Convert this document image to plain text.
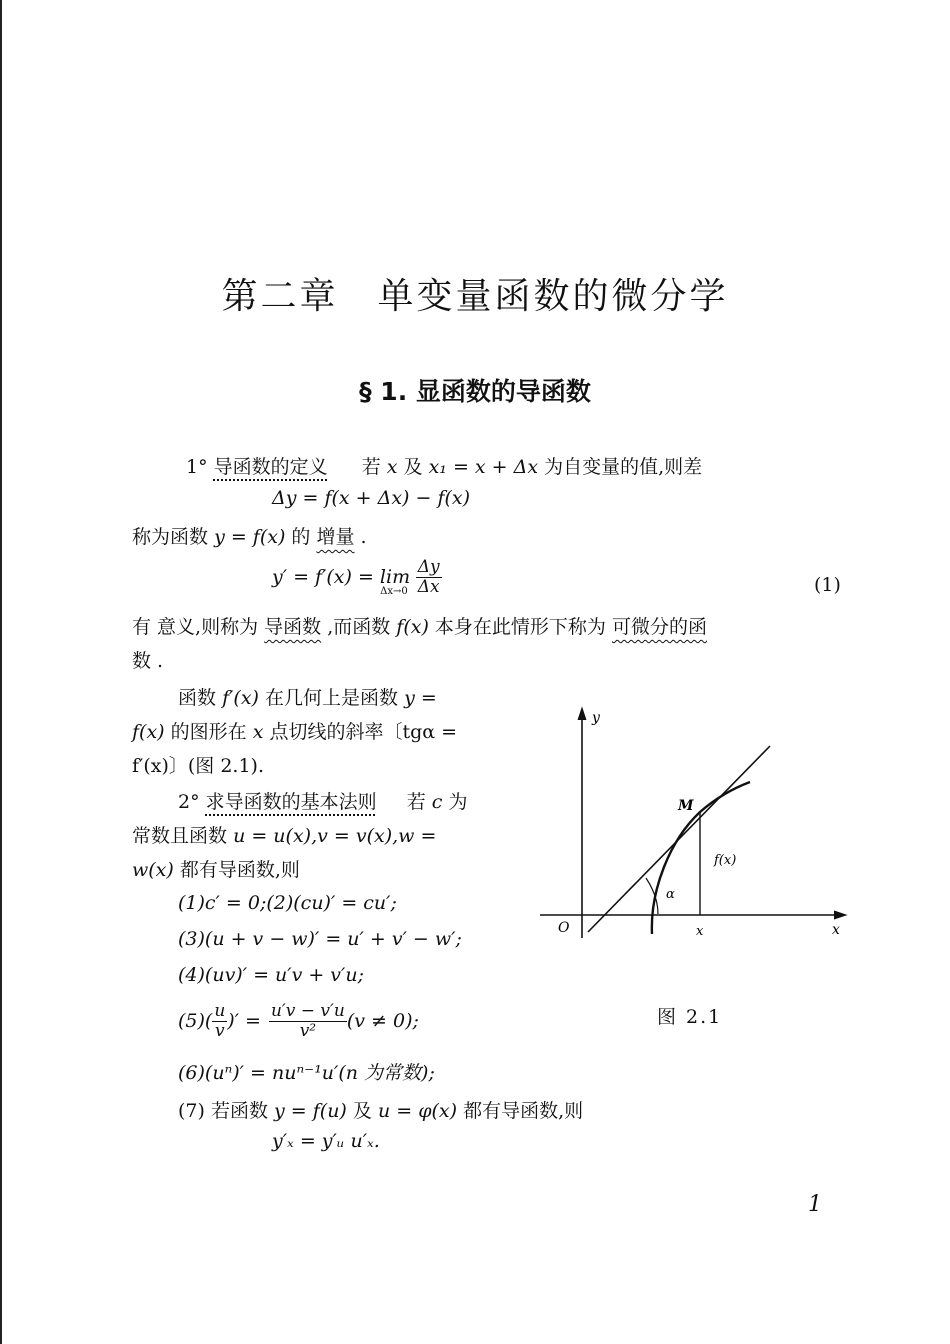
第二章　单变量函数的微分学
§ 1. 显函数的导函数
1° 导函数的定义 若 x 及 x₁ = x + Δx 为自变量的值,则差
Δy = f(x + Δx) − f(x)
称为函数 y = f(x) 的 增量 .
y′ = f′(x) = lim
$\Delta x\to 0 \frac{\Delta y}{\Delta x}$	(1)
有 意义,则称为 导函数 ,而函数 f(x) 本身在此情形下称为 可微分的函
数 .
函数 f′(x) 在几何上是函数 y =
f(x) 的图形在 x 点切线的斜率〔tgα =
f′(x)〕(图 2.1).
2° 求导函数的基本法则 若 c 为
常数且函数 u = u(x),v = v(x),w =
w(x) 都有导函数,则
(1)c′ = 0;(2)(cu)′ = cu′;
(3)(u + v − w)′ = u′ + v′ − w′;
(4)(uv)′ = u′v + v′u;
$(5)( \frac{u}{v}$ )′ = $\frac{u'v - v'u}{\text{v²}} (v \ne 0)$;
(6)(uⁿ)′ = nuⁿ⁻¹u′(n 为常数);
(7) 若函数 y = f(u) 及 u = φ(x) 都有导函数,则
y′ₓ = y′ᵤ u′ₓ.
y
x
O	x
M
f(x)
α
图 2.1
1
